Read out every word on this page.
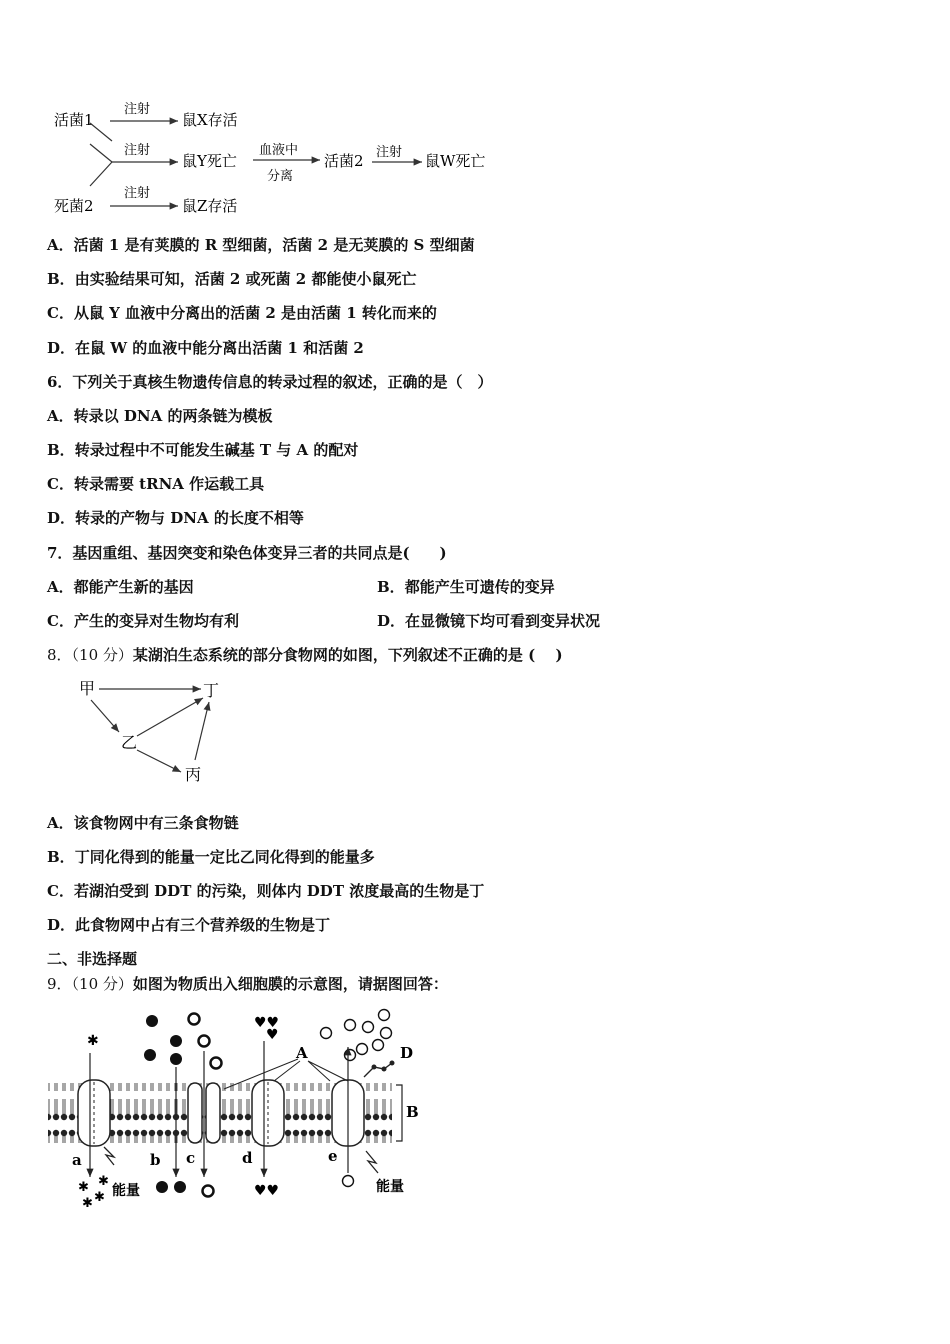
活菌1
死菌2
注射
鼠X存活
注射
鼠Y死亡
血液中
分离
活菌2 注射 鼠W死亡
注射
鼠Z存活
A．活菌 1 是有荚膜的 R 型细菌，活菌 2 是无荚膜的 S 型细菌
B．由实验结果可知，活菌 2 或死菌 2 都能使小鼠死亡
C．从鼠 Y 血液中分离出的活菌 2 是由活菌 1 转化而来的
D．在鼠 W 的血液中能分离出活菌 1 和活菌 2
6．下列关于真核生物遗传信息的转录过程的叙述，正确的是（　）
A．转录以 DNA 的两条链为模板
B．转录过程中不可能发生碱基 T 与 A 的配对
C．转录需要 tRNA 作运载工具
D．转录的产物与 DNA 的长度不相等
7．基因重组、基因突变和染色体变异三者的共同点是(　　)
A．都能产生新的基因	B．都能产生可遗传的变异
C．产生的变异对生物均有利	D．在显微镜下均可看到变异状况
8．（10 分）某湖泊生态系统的部分食物网的如图，下列叙述不正确的是 (　 )
甲	丁
乙
丙
A．该食物网中有三条食物链
B．丁同化得到的能量一定比乙同化得到的能量多
C．若湖泊受到 DDT 的污染，则体内 DDT 浓度最高的生物是丁
D．此食物网中占有三个营养级的生物是丁
二、非选择题
9．（10 分）如图为物质出入细胞膜的示意图，请据图回答：
D
A
B
✱
♥♥
♥
a	b c	d	e
能量	能量
✱
✱
✱
✱
♥♥
